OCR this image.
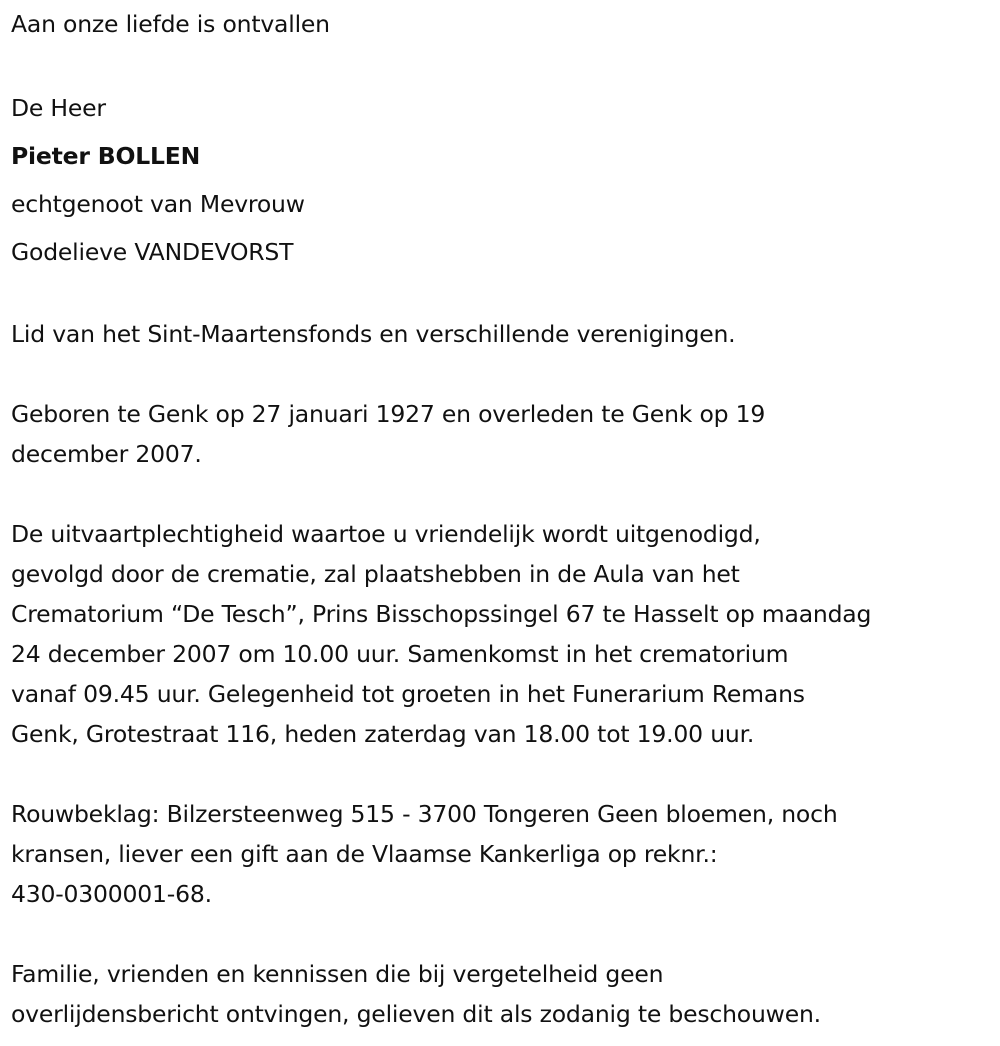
Aan onze liefde is ontvallen
De Heer
Pieter BOLLEN
echtgenoot van Mevrouw
Godelieve VANDEVORST
Lid van het Sint-Maartensfonds en verschillende verenigingen.
Geboren te Genk op 27 januari 1927 en overleden te Genk op 19
december 2007.
De uitvaartplechtigheid waartoe u vriendelijk wordt uitgenodigd,
gevolgd door de crematie, zal plaatshebben in de Aula van het
Crematorium “De Tesch”, Prins Bisschopssingel 67 te Hasselt op maandag
24 december 2007 om 10.00 uur. Samenkomst in het crematorium
vanaf 09.45 uur. Gelegenheid tot groeten in het Funerarium Remans
Genk, Grotestraat 116, heden zaterdag van 18.00 tot 19.00 uur.
Rouwbeklag: Bilzersteenweg 515 - 3700 Tongeren Geen bloemen, noch
kransen, liever een gift aan de Vlaamse Kankerliga op reknr.:
430-0300001-68.
Familie, vrienden en kennissen die bij vergetelheid geen
overlijdensbericht ontvingen, gelieven dit als zodanig te beschouwen.
